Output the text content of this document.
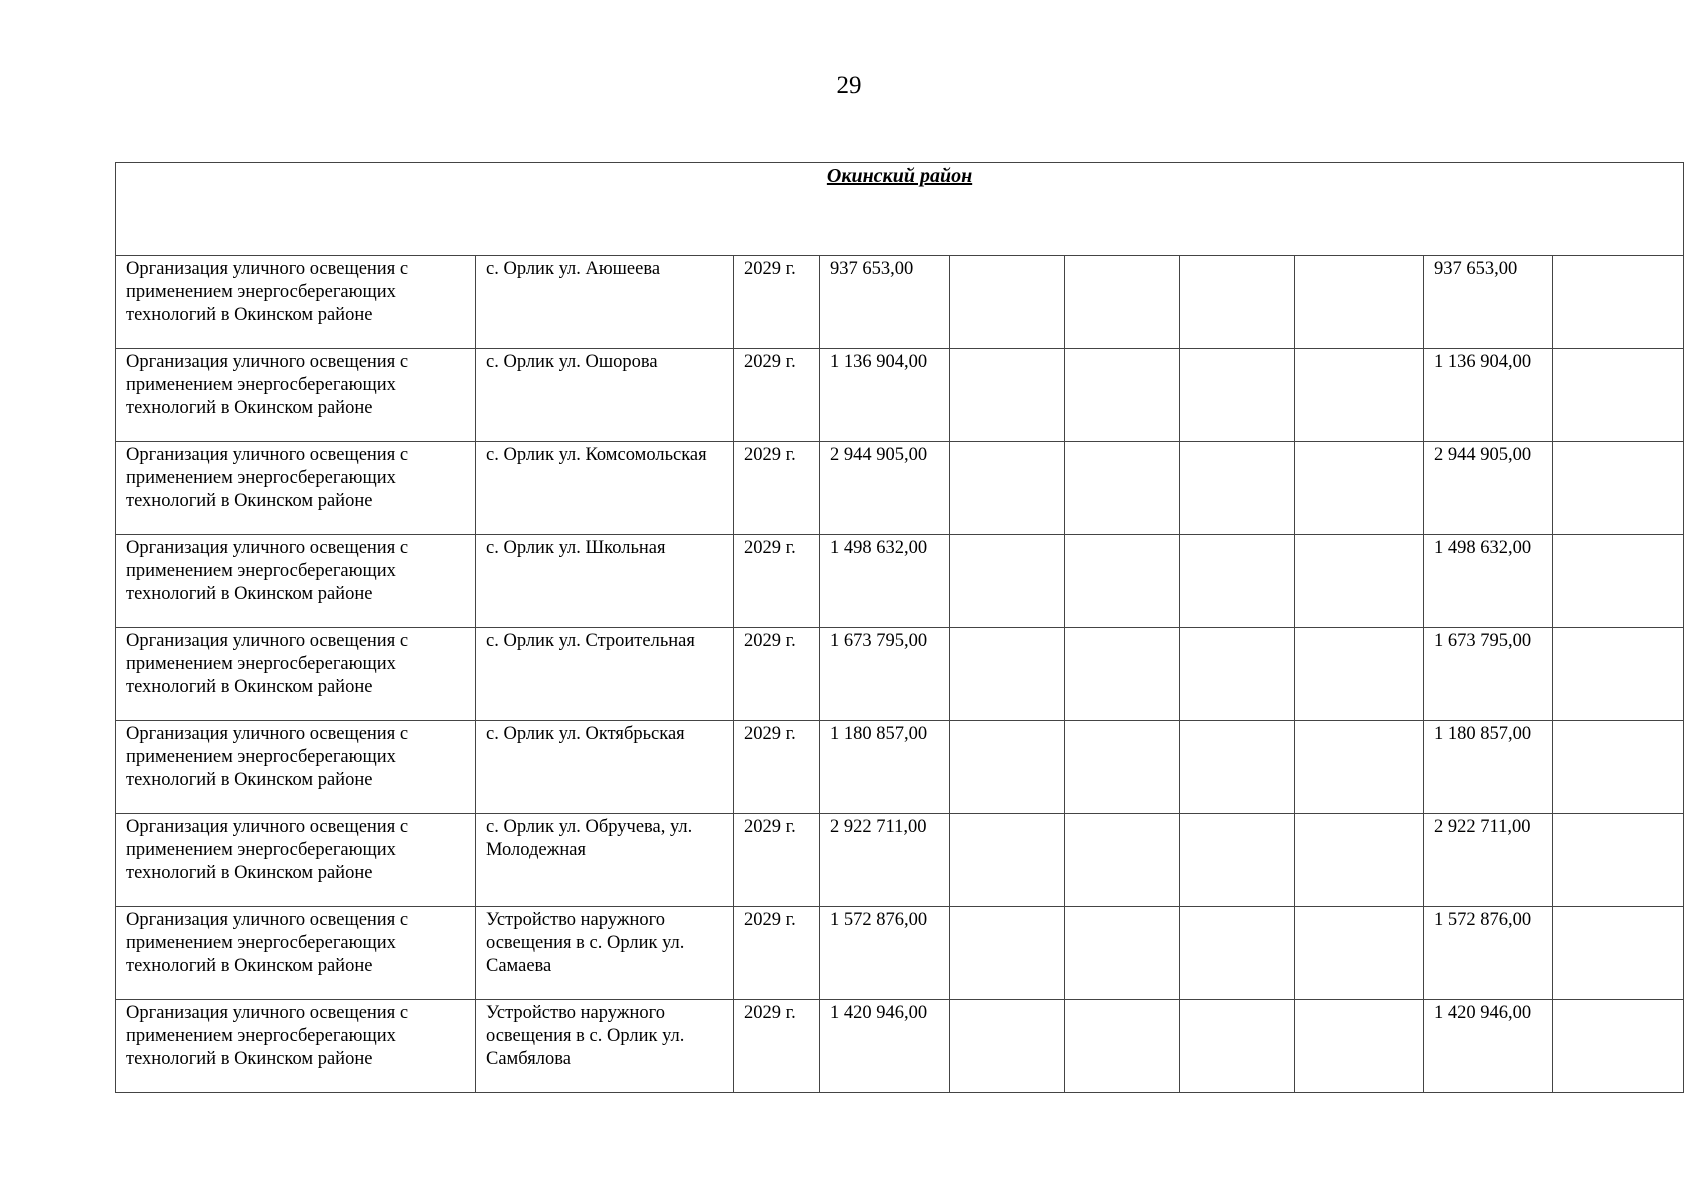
29
Окинский район									
Организация уличного освещения с применением энергосберегающих технологий в Окинском районе	с. Орлик ул. Аюшеева	2029 г.	937 653,00					937 653,00	
Организация уличного освещения с применением энергосберегающих технологий в Окинском районе	с. Орлик ул. Ошорова	2029 г.	1 136 904,00					1 136 904,00	
Организация уличного освещения с применением энергосберегающих технологий в Окинском районе	с. Орлик ул. Комсомольская	2029 г.	2 944 905,00					2 944 905,00	
Организация уличного освещения с применением энергосберегающих технологий в Окинском районе	с. Орлик ул. Школьная	2029 г.	1 498 632,00					1 498 632,00	
Организация уличного освещения с применением энергосберегающих технологий в Окинском районе	с. Орлик ул. Строительная	2029 г.	1 673 795,00					1 673 795,00	
Организация уличного освещения с применением энергосберегающих технологий в Окинском районе	с. Орлик ул. Октябрьская	2029 г.	1 180 857,00					1 180 857,00	
Организация уличного освещения с применением энергосберегающих технологий в Окинском районе	с. Орлик ул. Обручева, ул. Молодежная	2029 г.	2 922 711,00					2 922 711,00	
Организация уличного освещения с применением энергосберегающих технологий в Окинском районе	Устройство наружного освещения в с. Орлик ул. Самаева	2029 г.	1 572 876,00					1 572 876,00	
Организация уличного освещения с применением энергосберегающих технологий в Окинском районе	Устройство наружного освещения в с. Орлик ул. Самбялова	2029 г.	1 420 946,00					1 420 946,00	
